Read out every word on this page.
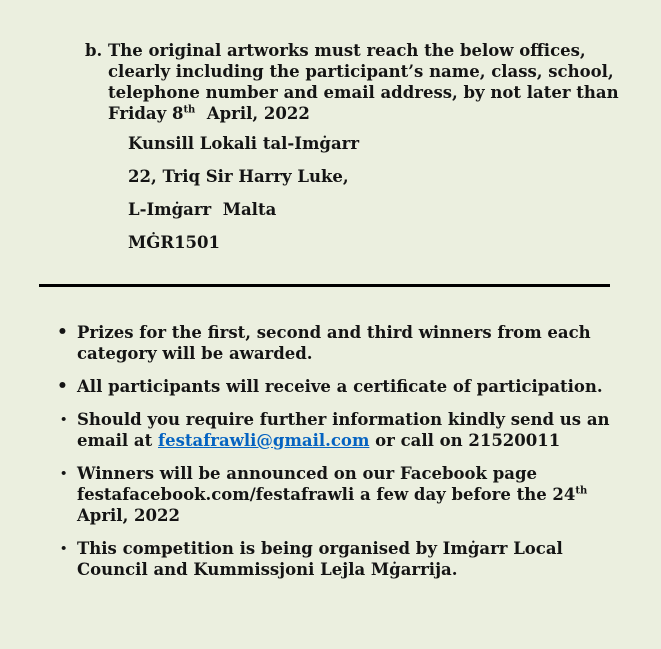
b. The original artworks must reach the below offices,
clearly including the participant’s name, class, school,
telephone number and email address, by not later than
Friday 8th  April, 2022
Kunsill Lokali tal-Imġarr
22, Triq Sir Harry Luke,
L-Imġarr  Malta
MĠR1501
• Prizes for the first, second and third winners from each
category will be awarded.
• All participants will receive a certificate of participation.
• Should you require further information kindly send us an
email at festafrawli@gmail.com or call on 21520011
• Winners will be announced on our Facebook page
festafacebook.com/festafrawli a few day before the 24th
April, 2022
• This competition is being organised by Imġarr Local
Council and Kummissjoni Lejla Mġarrija.
